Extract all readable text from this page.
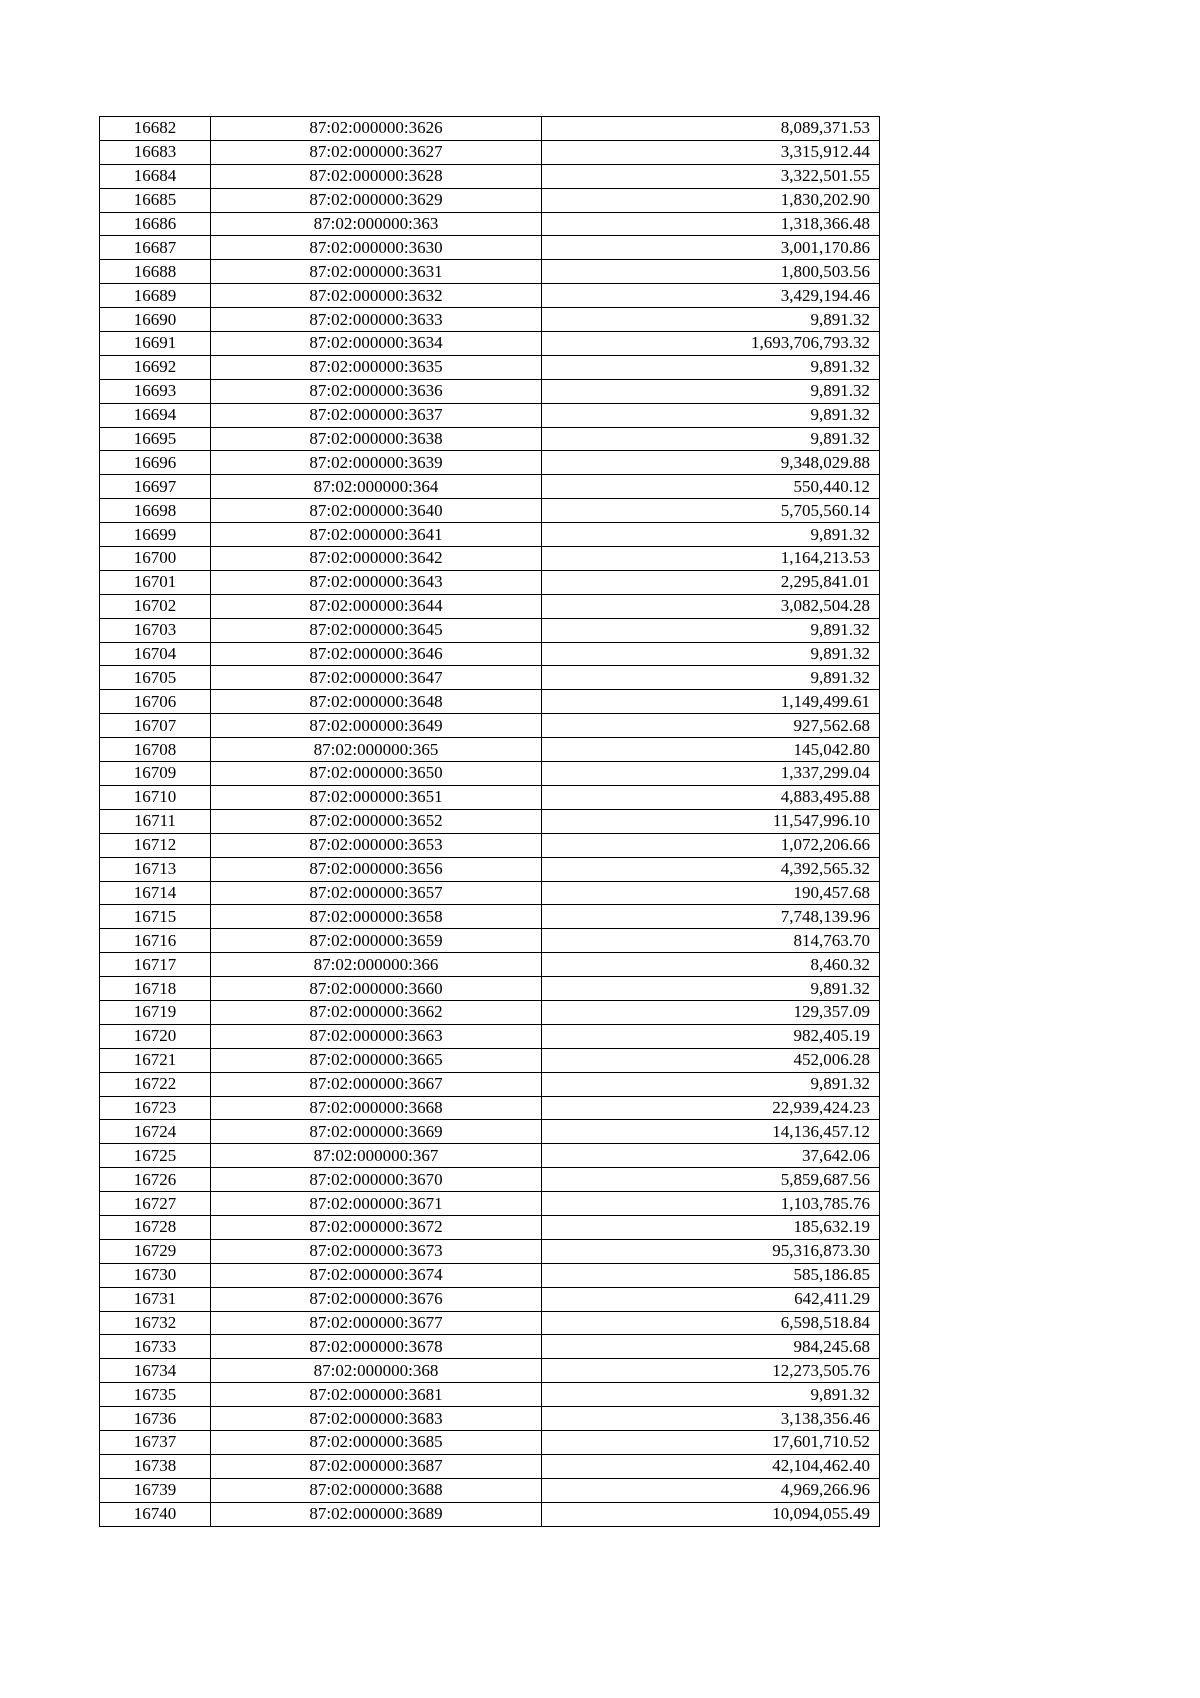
16682	87:02:000000:3626	8,089,371.53
16683	87:02:000000:3627	3,315,912.44
16684	87:02:000000:3628	3,322,501.55
16685	87:02:000000:3629	1,830,202.90
16686	87:02:000000:363	1,318,366.48
16687	87:02:000000:3630	3,001,170.86
16688	87:02:000000:3631	1,800,503.56
16689	87:02:000000:3632	3,429,194.46
16690	87:02:000000:3633	9,891.32
16691	87:02:000000:3634	1,693,706,793.32
16692	87:02:000000:3635	9,891.32
16693	87:02:000000:3636	9,891.32
16694	87:02:000000:3637	9,891.32
16695	87:02:000000:3638	9,891.32
16696	87:02:000000:3639	9,348,029.88
16697	87:02:000000:364	550,440.12
16698	87:02:000000:3640	5,705,560.14
16699	87:02:000000:3641	9,891.32
16700	87:02:000000:3642	1,164,213.53
16701	87:02:000000:3643	2,295,841.01
16702	87:02:000000:3644	3,082,504.28
16703	87:02:000000:3645	9,891.32
16704	87:02:000000:3646	9,891.32
16705	87:02:000000:3647	9,891.32
16706	87:02:000000:3648	1,149,499.61
16707	87:02:000000:3649	927,562.68
16708	87:02:000000:365	145,042.80
16709	87:02:000000:3650	1,337,299.04
16710	87:02:000000:3651	4,883,495.88
16711	87:02:000000:3652	11,547,996.10
16712	87:02:000000:3653	1,072,206.66
16713	87:02:000000:3656	4,392,565.32
16714	87:02:000000:3657	190,457.68
16715	87:02:000000:3658	7,748,139.96
16716	87:02:000000:3659	814,763.70
16717	87:02:000000:366	8,460.32
16718	87:02:000000:3660	9,891.32
16719	87:02:000000:3662	129,357.09
16720	87:02:000000:3663	982,405.19
16721	87:02:000000:3665	452,006.28
16722	87:02:000000:3667	9,891.32
16723	87:02:000000:3668	22,939,424.23
16724	87:02:000000:3669	14,136,457.12
16725	87:02:000000:367	37,642.06
16726	87:02:000000:3670	5,859,687.56
16727	87:02:000000:3671	1,103,785.76
16728	87:02:000000:3672	185,632.19
16729	87:02:000000:3673	95,316,873.30
16730	87:02:000000:3674	585,186.85
16731	87:02:000000:3676	642,411.29
16732	87:02:000000:3677	6,598,518.84
16733	87:02:000000:3678	984,245.68
16734	87:02:000000:368	12,273,505.76
16735	87:02:000000:3681	9,891.32
16736	87:02:000000:3683	3,138,356.46
16737	87:02:000000:3685	17,601,710.52
16738	87:02:000000:3687	42,104,462.40
16739	87:02:000000:3688	4,969,266.96
16740	87:02:000000:3689	10,094,055.49
